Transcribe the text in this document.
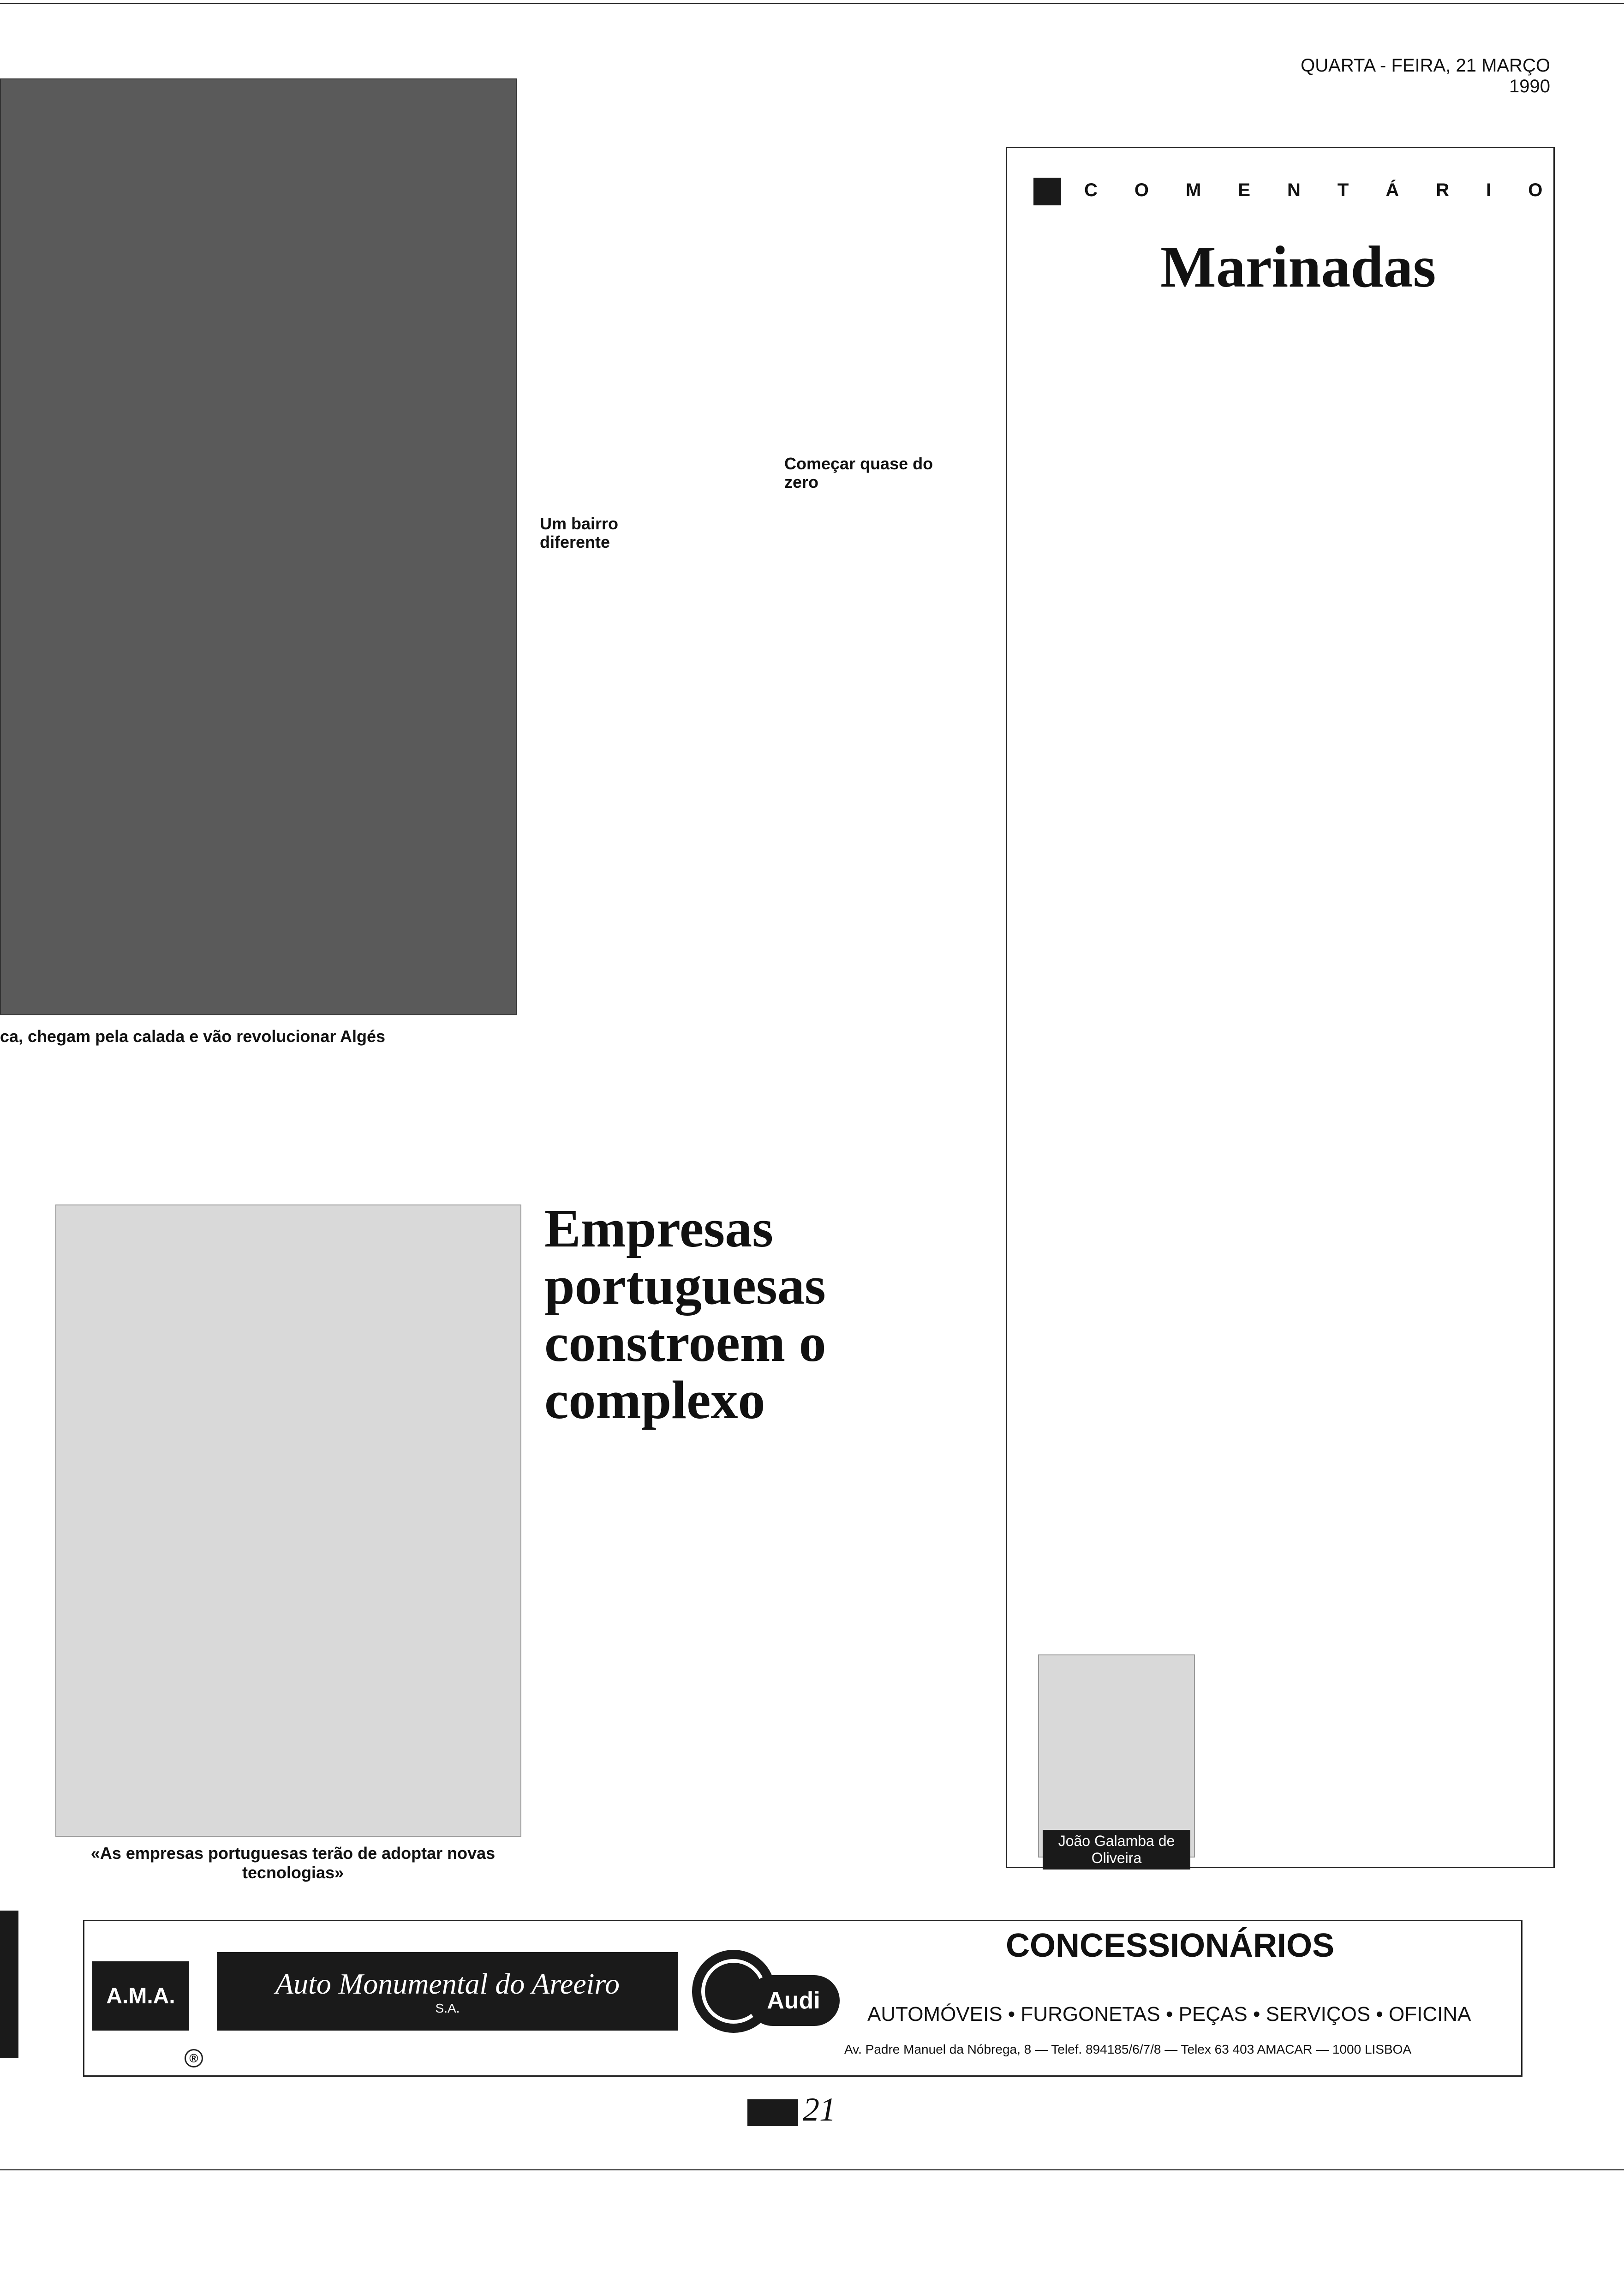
QUARTA - FEIRA, 21 MARÇO 1990
ca, chegam pela calada e vão revolucionar Algés
Um bairro diferente
Começar quase do zero
«As empresas portuguesas terão de adoptar novas tecnologias»
Empresas portuguesas constroem o complexo
COMENTÁRIO
Marinadas
João Galamba de Oliveira
A.M.A.	Auto Monumental do Areeiro
S.A.	Audi
®
CONCESSIONÁRIOS
AUTOMÓVEIS • FURGONETAS • PEÇAS • SERVIÇOS • OFICINA
Av. Padre Manuel da Nóbrega, 8 — Telef. 894185/6/7/8 — Telex 63 403 AMACAR — 1000 LISBOA
21
